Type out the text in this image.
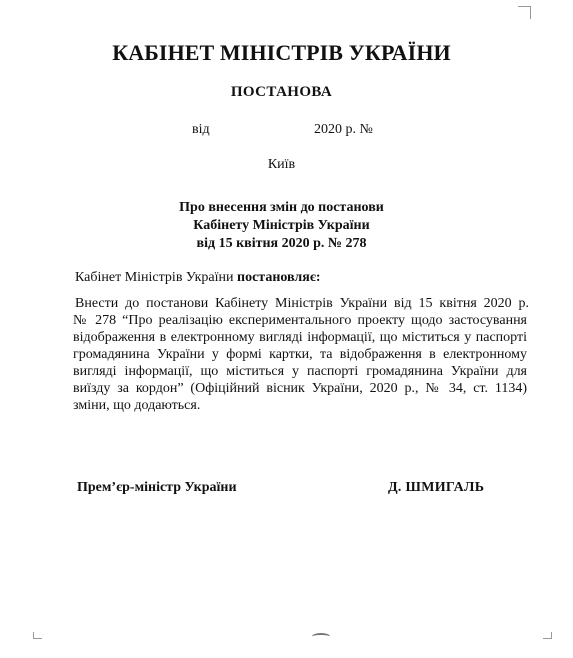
КАБІНЕТ МІНІСТРІВ УКРАЇНИ
ПОСТАНОВА
від	2020 р. №
Київ
Про внесення змін до постанови
Кабінету Міністрів України
від 15 квітня 2020 р. № 278
Кабінет Міністрів України постановляє:
Внести до постанови Кабінету Міністрів України від 15 квітня 2020 р.
№ 278 “Про реалізацію експериментального проекту щодо застосування
відображення в електронному вигляді інформації, що міститься у паспорті
громадянина України у формі картки, та відображення в електронному
вигляді інформації, що міститься у паспорті громадянина України для
виїзду за кордон” (Офіційний вісник України, 2020 р., № 34, ст. 1134)
зміни, що додаються.
Прем’єр-міністр України	Д. ШМИГАЛЬ
